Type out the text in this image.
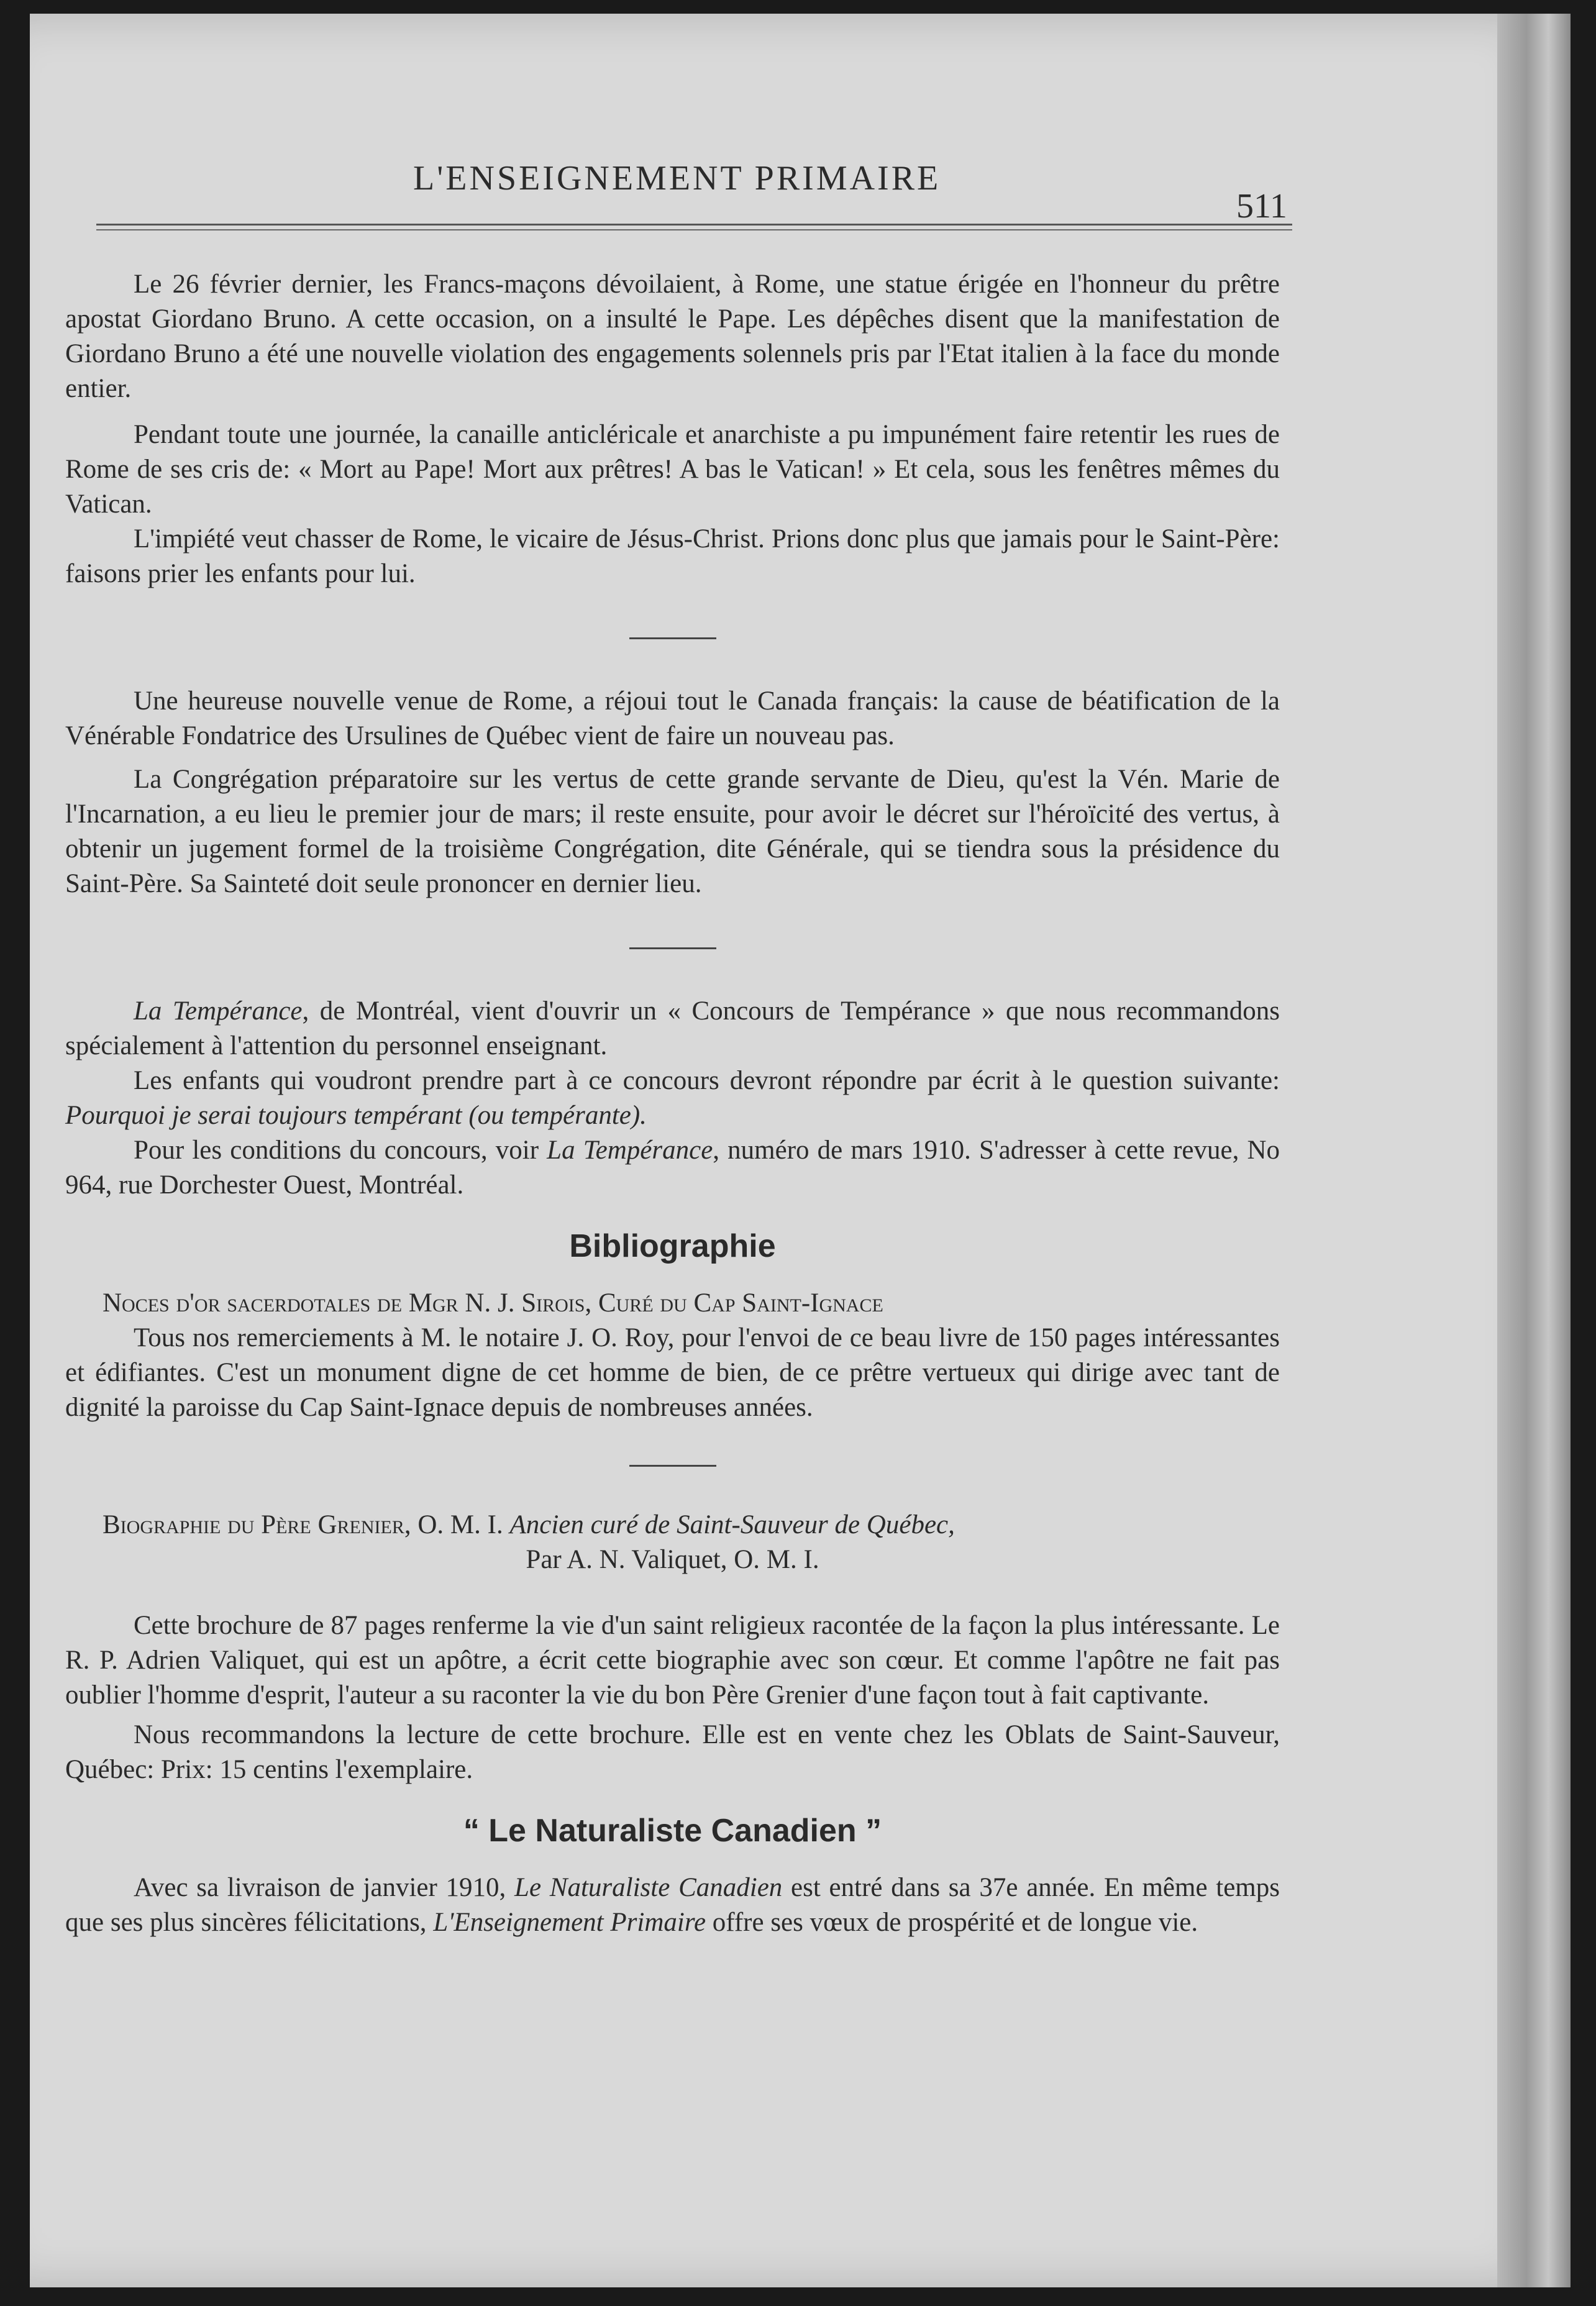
L'ENSEIGNEMENT PRIMAIRE
511

Le 26 février dernier, les Francs-maçons dévoilaient, à Rome, une statue érigée en l'honneur du prêtre apostat Giordano Bruno. A cette occasion, on a insulté le Pape. Les dépêches disent que la manifestation de Giordano Bruno a été une nouvelle violation des engagements solennels pris par l'Etat italien à la face du monde entier.

Pendant toute une journée, la canaille anticléricale et anarchiste a pu impunément faire retentir les rues de Rome de ses cris de: « Mort au Pape! Mort aux prêtres! A bas le Vatican! » Et cela, sous les fenêtres mêmes du Vatican.

L'impiété veut chasser de Rome, le vicaire de Jésus-Christ. Prions donc plus que jamais pour le Saint-Père: faisons prier les enfants pour lui.

Une heureuse nouvelle venue de Rome, a réjoui tout le Canada français: la cause de béatification de la Vénérable Fondatrice des Ursulines de Québec vient de faire un nouveau pas.

La Congrégation préparatoire sur les vertus de cette grande servante de Dieu, qu'est la Vén. Marie de l'Incarnation, a eu lieu le premier jour de mars; il reste ensuite, pour avoir le décret sur l'héroïcité des vertus, à obtenir un jugement formel de la troisième Congrégation, dite Générale, qui se tiendra sous la présidence du Saint-Père. Sa Sainteté doit seule prononcer en dernier lieu.

La Tempérance, de Montréal, vient d'ouvrir un « Concours de Tempérance » que nous recommandons spécialement à l'attention du personnel enseignant.

Les enfants qui voudront prendre part à ce concours devront répondre par écrit à le question suivante: Pourquoi je serai toujours tempérant (ou tempérante).

Pour les conditions du concours, voir La Tempérance, numéro de mars 1910. S'adresser à cette revue, No 964, rue Dorchester Ouest, Montréal.

Bibliographie

Noces d'or sacerdotales de Mgr N. J. Sirois, Curé du Cap Saint-Ignace

Tous nos remerciements à M. le notaire J. O. Roy, pour l'envoi de ce beau livre de 150 pages intéressantes et édifiantes. C'est un monument digne de cet homme de bien, de ce prêtre vertueux qui dirige avec tant de dignité la paroisse du Cap Saint-Ignace depuis de nombreuses années.

Biographie du Père Grenier, O. M. I. Ancien curé de Saint-Sauveur de Québec,

Par A. N. Valiquet, O. M. I.

Cette brochure de 87 pages renferme la vie d'un saint religieux racontée de la façon la plus intéressante. Le R. P. Adrien Valiquet, qui est un apôtre, a écrit cette biographie avec son cœur. Et comme l'apôtre ne fait pas oublier l'homme d'esprit, l'auteur a su raconter la vie du bon Père Grenier d'une façon tout à fait captivante.

Nous recommandons la lecture de cette brochure. Elle est en vente chez les Oblats de Saint-Sauveur, Québec: Prix: 15 centins l'exemplaire.

“ Le Naturaliste Canadien ”

Avec sa livraison de janvier 1910, Le Naturaliste Canadien est entré dans sa 37e année. En même temps que ses plus sincères félicitations, L'Enseignement Primaire offre ses vœux de prospérité et de longue vie.
